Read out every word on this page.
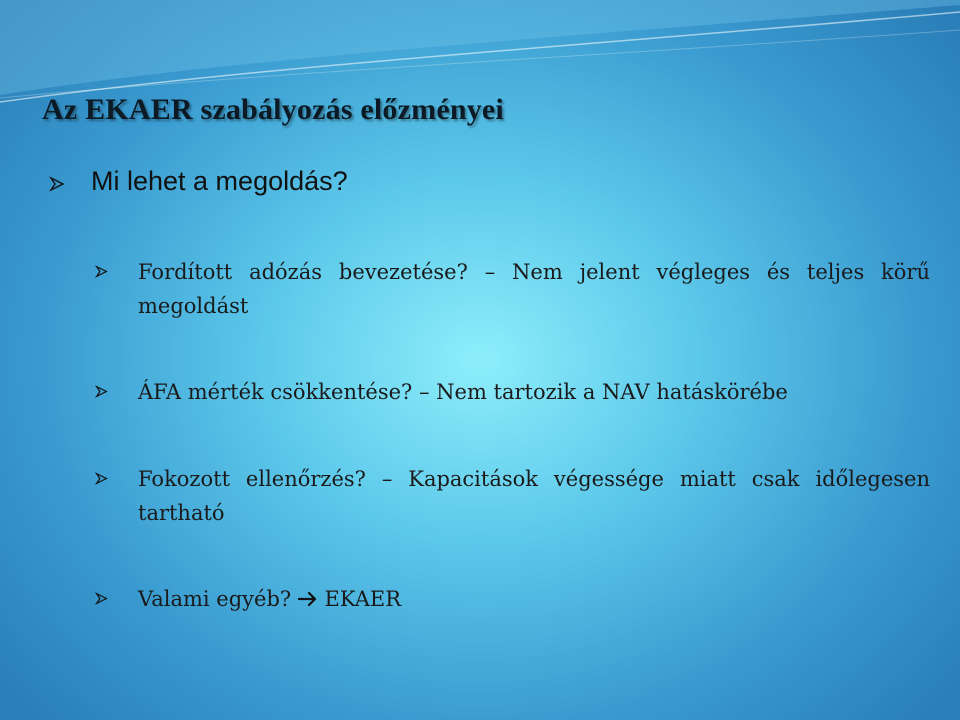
Az EKAER szabályozás előzményei
Mi lehet a megoldás?
Fordított adózás bevezetése? – Nem jelent végleges és teljes körű megoldást
ÁFA mérték csökkentése? – Nem tartozik a NAV hatáskörébe
Fokozott ellenőrzés? – Kapacitások végessége miatt csak időlegesen tartható
Valami egyéb?  EKAER
